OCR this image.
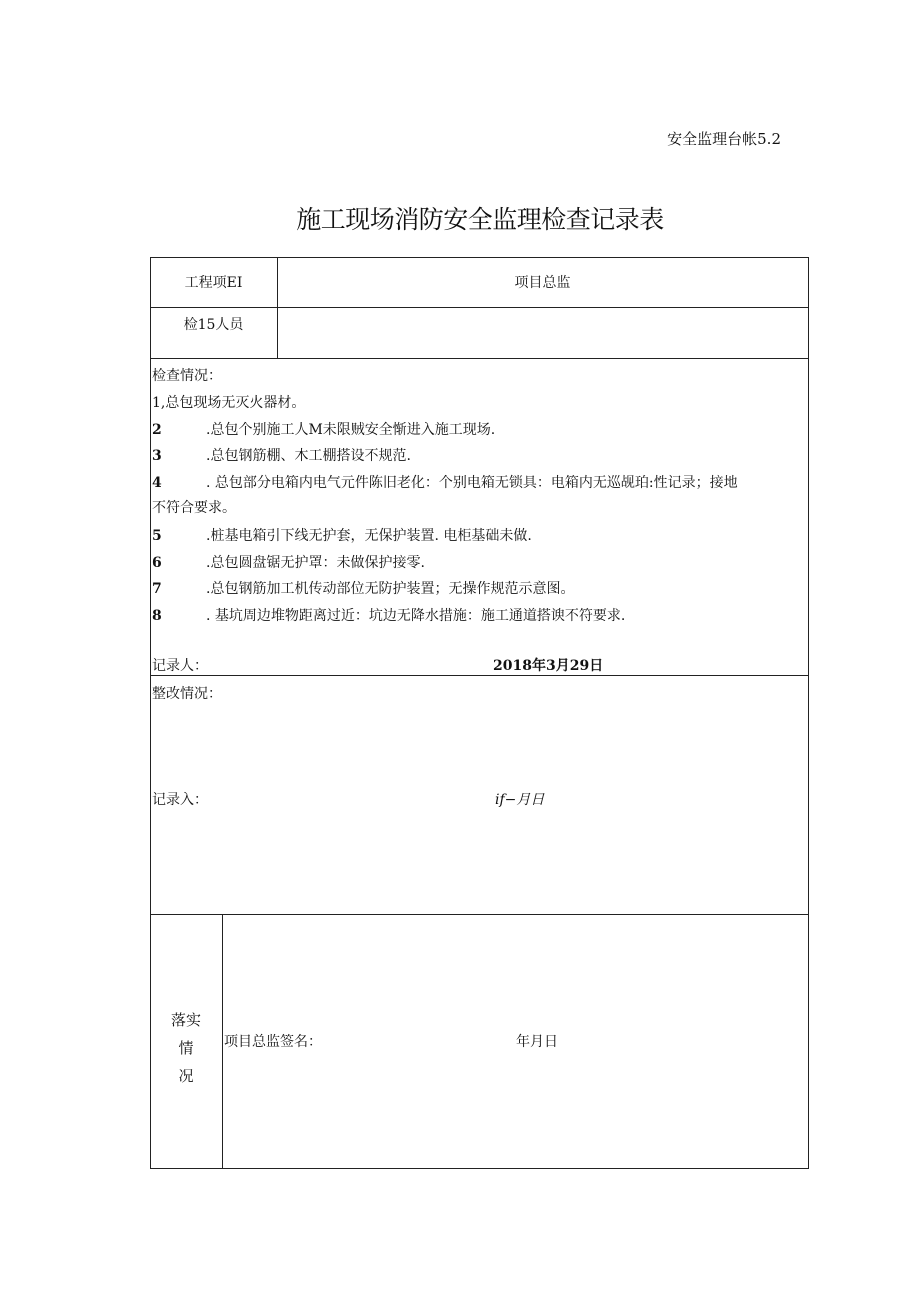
安全监理台帐5.2
施工现场消防安全监理检查记录表
工程项EI	项目总监
检15人员
检查情况：
1,总包现场无灭火器材。
2	.总包个别施工人M未限贼安全惭进入施工现场.
3	.总包钢筋棚、木工棚搭设不规范.
4	. 总包部分电箱内电气元件陈旧老化：个别电箱无锁具：电箱内无巡觇珀:性记录；接地
不符合要求。
5	.桩基电箱引下线无护套，无保护装置. 电柜基础未做.
6	.总包圆盘锯无护罩：未做保护接零.
7	.总包钢筋加工机传动部位无防护装置；无操作规范示意图。
8	. 基坑周边堆物距离过近：坑边无降水措施：施工通道搭谀不符要求.
记录人：	2018年3月29日
整改情况：
记录入：	if−月日
落实
情
况
项目总监签名：	年月日
